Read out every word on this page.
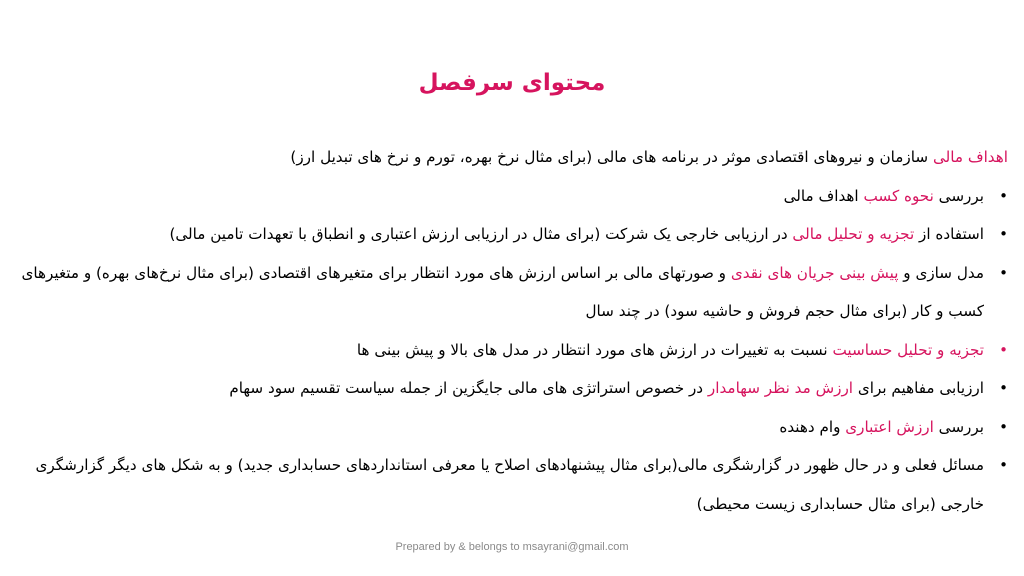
محتوای سرفصل

اهداف مالی سازمان و نیروهای اقتصادی موثر در برنامه های مالی (برای مثال نرخ بهره، تورم و نرخ های تبدیل ارز)

•
بررسی نحوه کسب اهداف مالی
•
استفاده از تجزیه و تحلیل مالی در ارزیابی خارجی یک شرکت (برای مثال در ارزیابی ارزش اعتباری و انطباق با تعهدات تامین مالی)
•
مدل سازی و پیش بینی جریان های نقدی و صورتهای مالی بر اساس ارزش های مورد انتظار برای متغیرهای اقتصادی (برای مثال نرخ‌های بهره) و متغیرهای کسب و کار (برای مثال حجم فروش و حاشیه سود) در چند سال
•
تجزیه و تحلیل حساسیت نسبت به تغییرات در ارزش های مورد انتظار در مدل های بالا و پیش بینی ها
•
ارزیابی مفاهیم برای ارزش مد نظر سهامدار در خصوص استراتژی های مالی جایگزین از جمله سیاست تقسیم سود سهام
•
بررسی ارزش اعتباری وام دهنده
•
مسائل فعلی و در حال ظهور در گزارشگری مالی(برای مثال پیشنهادهای اصلاح یا معرفی استانداردهای حسابداری جدید) و به شکل های دیگر گزارشگری خارجی (برای مثال حسابداری زیست محیطی)
Prepared by & belongs to msayrani@gmail.com
